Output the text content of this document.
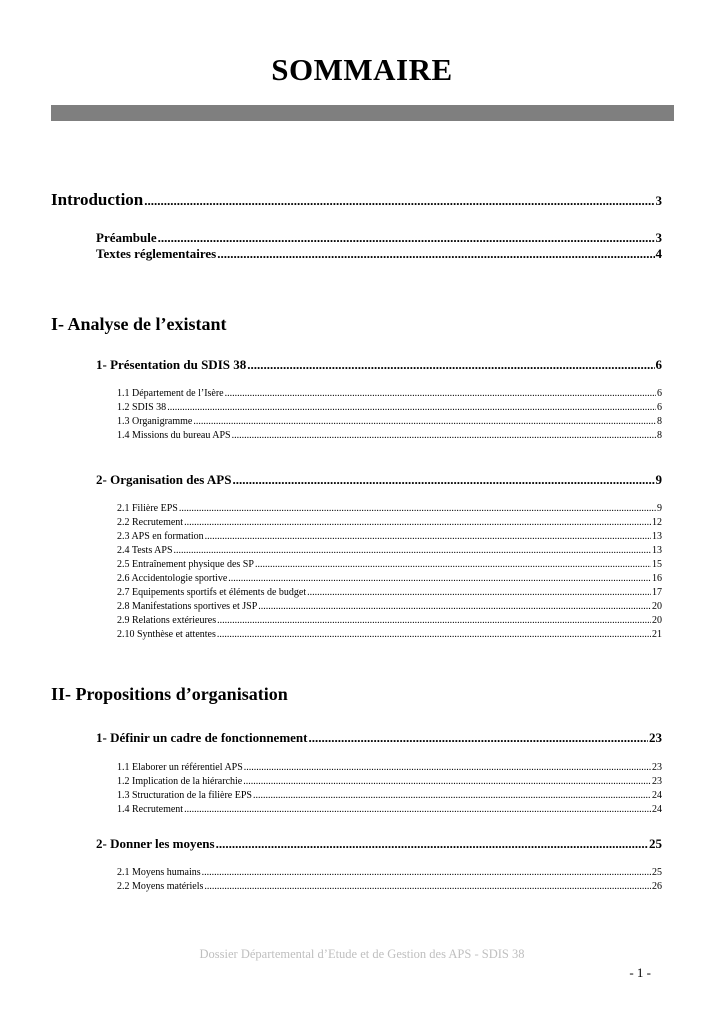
SOMMAIRE
Introduction .....	3
Préambule .....	3
Textes réglementaires .....	4
I- Analyse de l’existant
1- Présentation du SDIS 38 .....	6
1.1 Département de l’Isère .....	6
1.2 SDIS 38 .....	6
1.3 Organigramme .....	8
1.4 Missions du bureau APS .....	8
2- Organisation des APS .....	9
2.1 Filière EPS .....	9
2.2 Recrutement .....	12
2.3 APS en formation .....	13
2.4 Tests APS .....	13
2.5 Entraînement physique des SP .....	15
2.6 Accidentologie sportive .....	16
2.7 Equipements sportifs et éléments de budget .....	17
2.8 Manifestations sportives et JSP .....	20
2.9 Relations extérieures .....	20
2.10 Synthèse et attentes .....	21
II- Propositions d’organisation
1- Définir un cadre de fonctionnement .....	23
1.1 Elaborer un référentiel APS .....	23
1.2 Implication de la hiérarchie .....	23
1.3 Structuration de la filière EPS .....	24
1.4 Recrutement .....	24
2- Donner les moyens .....	25
2.1 Moyens humains .....	25
2.2 Moyens matériels .....	26
Dossier Départemental d’Etude et de Gestion des APS - SDIS 38
- 1 -
